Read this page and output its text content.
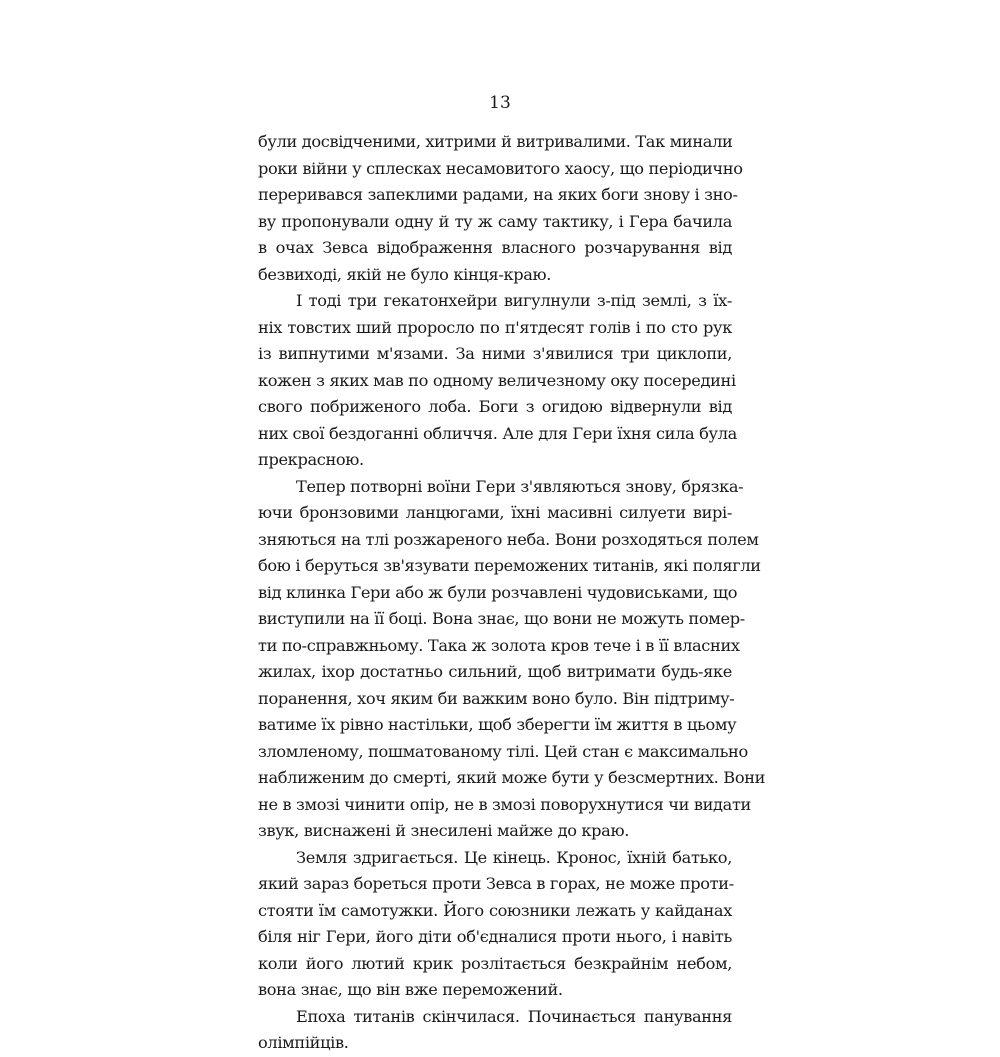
13
були досвідченими, хитрими й витривалими. Так минали
роки війни у сплесках несамовитого хаосу, що періодично
переривався запеклими радами, на яких боги знову і зно-
ву пропонували одну й ту ж саму тактику, і Гера бачила
в очах Зевса відображення власного розчарування від
безвиході, якій не було кінця-краю.
І тоді три гекатонхейри вигулнули з-під землі, з їх-
ніх товстих ший проросло по п'ятдесят голів і по сто рук
із випнутими м'язами. За ними з'явилися три циклопи,
кожен з яких мав по одному величезному оку посередині
свого побриженого лоба. Боги з огидою відвернули від
них свої бездоганні обличчя. Але для Гери їхня сила була
прекрасною.
Тепер потворні воїни Гери з'являються знову, брязка-
ючи бронзовими ланцюгами, їхні масивні силуети вирі-
зняються на тлі розжареного неба. Вони розходяться полем
бою і беруться зв'язувати переможених титанів, які полягли
від клинка Гери або ж були розчавлені чудовиськами, що
виступили на її боці. Вона знає, що вони не можуть помер-
ти по-справжньому. Така ж золота кров тече і в її власних
жилах, іхор достатньо сильний, щоб витримати будь-яке
поранення, хоч яким би важким воно було. Він підтриму-
ватиме їх рівно настільки, щоб зберегти їм життя в цьому
зломленому, пошматованому тілі. Цей стан є максимально
наближеним до смерті, який може бути у безсмертних. Вони
не в змозі чинити опір, не в змозі поворухнутися чи видати
звук, виснажені й знесилені майже до краю.
Земля здригається. Це кінець. Кронос, їхній батько,
який зараз бореться проти Зевса в горах, не може проти-
стояти їм самотужки. Його союзники лежать у кайданах
біля ніг Гери, його діти об'єдналися проти нього, і навіть
коли його лютий крик розлітається безкрайнім небом,
вона знає, що він вже переможений.
Епоха титанів скінчилася. Починається панування
олімпійців.
